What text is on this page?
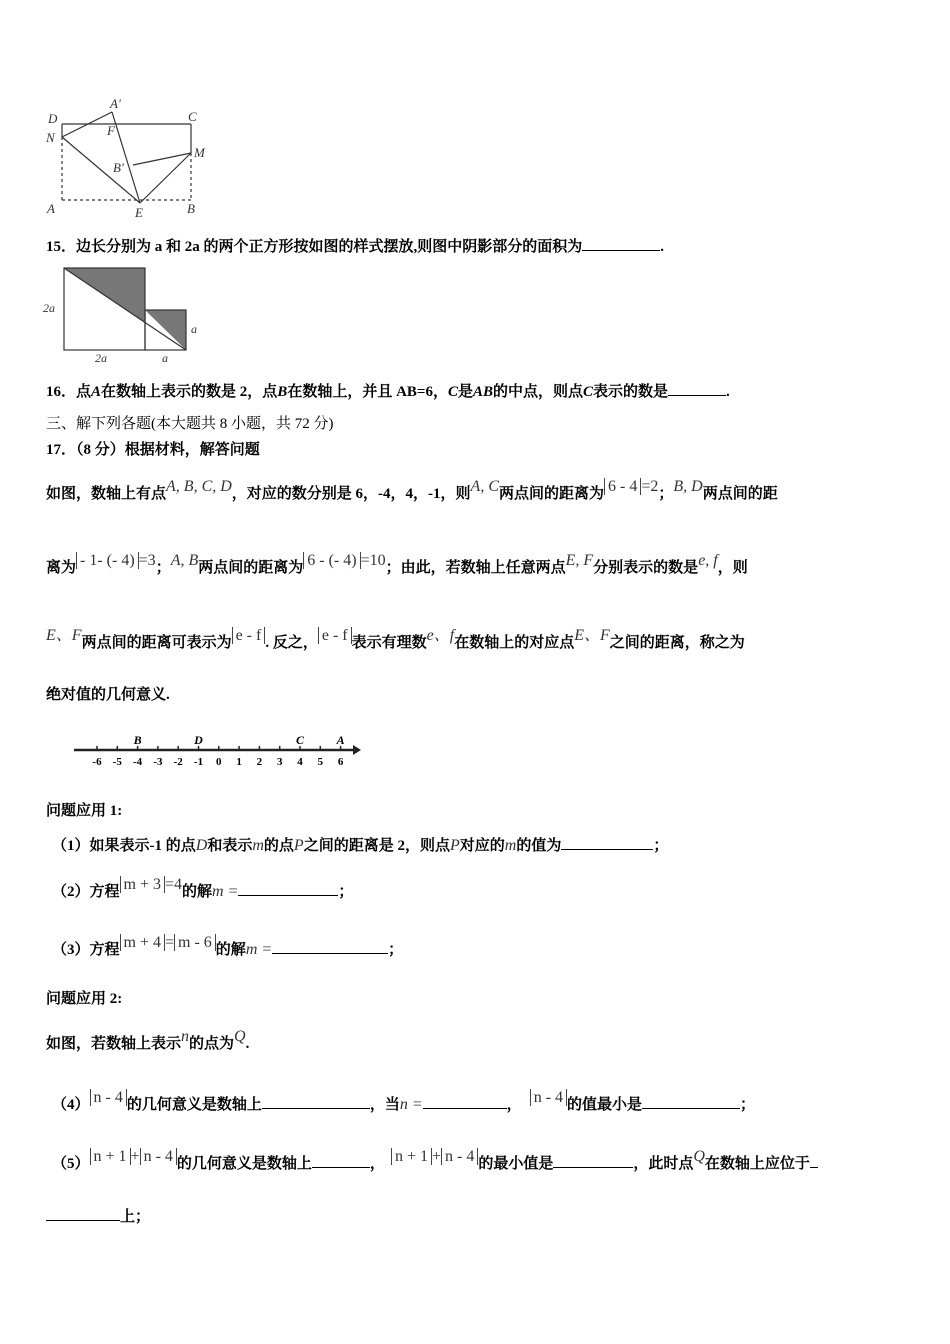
D
A'
C
N	F
M
B'
A	E	B
15．边长分别为 a 和 2a 的两个正方形按如图的样式摆放,则图中阴影部分的面积为	.
2a
2a
a
a
16．点A在数轴上表示的数是 2，点B在数轴上，并且 AB=6，C是AB的中点，则点C表示的数是	.
三、解下列各题(本大题共 8 小题，共 72 分)
17．（8 分）根据材料，解答问题
如图，数轴上有点A, B, C, D，对应的数分别是 6，-4，4，-1，则A, C两点间的距离为 6 - 4 =2；B, D两点间的距
离为 - 1- (- 4) =3；A, B两点间的距离为 6 - (- 4) =10；由此，若数轴上任意两点E, F分别表示的数是e, f，则
E、F两点间的距离可表示为 e - f . 反之， e - f 表示有理数e、f在数轴上的对应点E、F之间的距离，称之为
绝对值的几何意义.
-6 -5 -4 -3 -2 -1 0 1 2 3 4 5 6
B	D	C	A
问题应用 1:
（1）如果表示-1 的点D和表示m的点P之间的距离是 2，则点P对应的m的值为	；
（2）方程 m + 3 =4的解m =	；
（3）方程 m + 4 = m - 6 的解m =	；
问题应用 2:
如图，若数轴上表示n的点为Q.
（4） n - 4 的几何意义是数轴上	，当n =	， n - 4 的值最小是	；
（5） n + 1 + n - 4 的几何意义是数轴上	， n + 1 + n - 4 的最小值是	，此时点Q在数轴上应位于
上；
